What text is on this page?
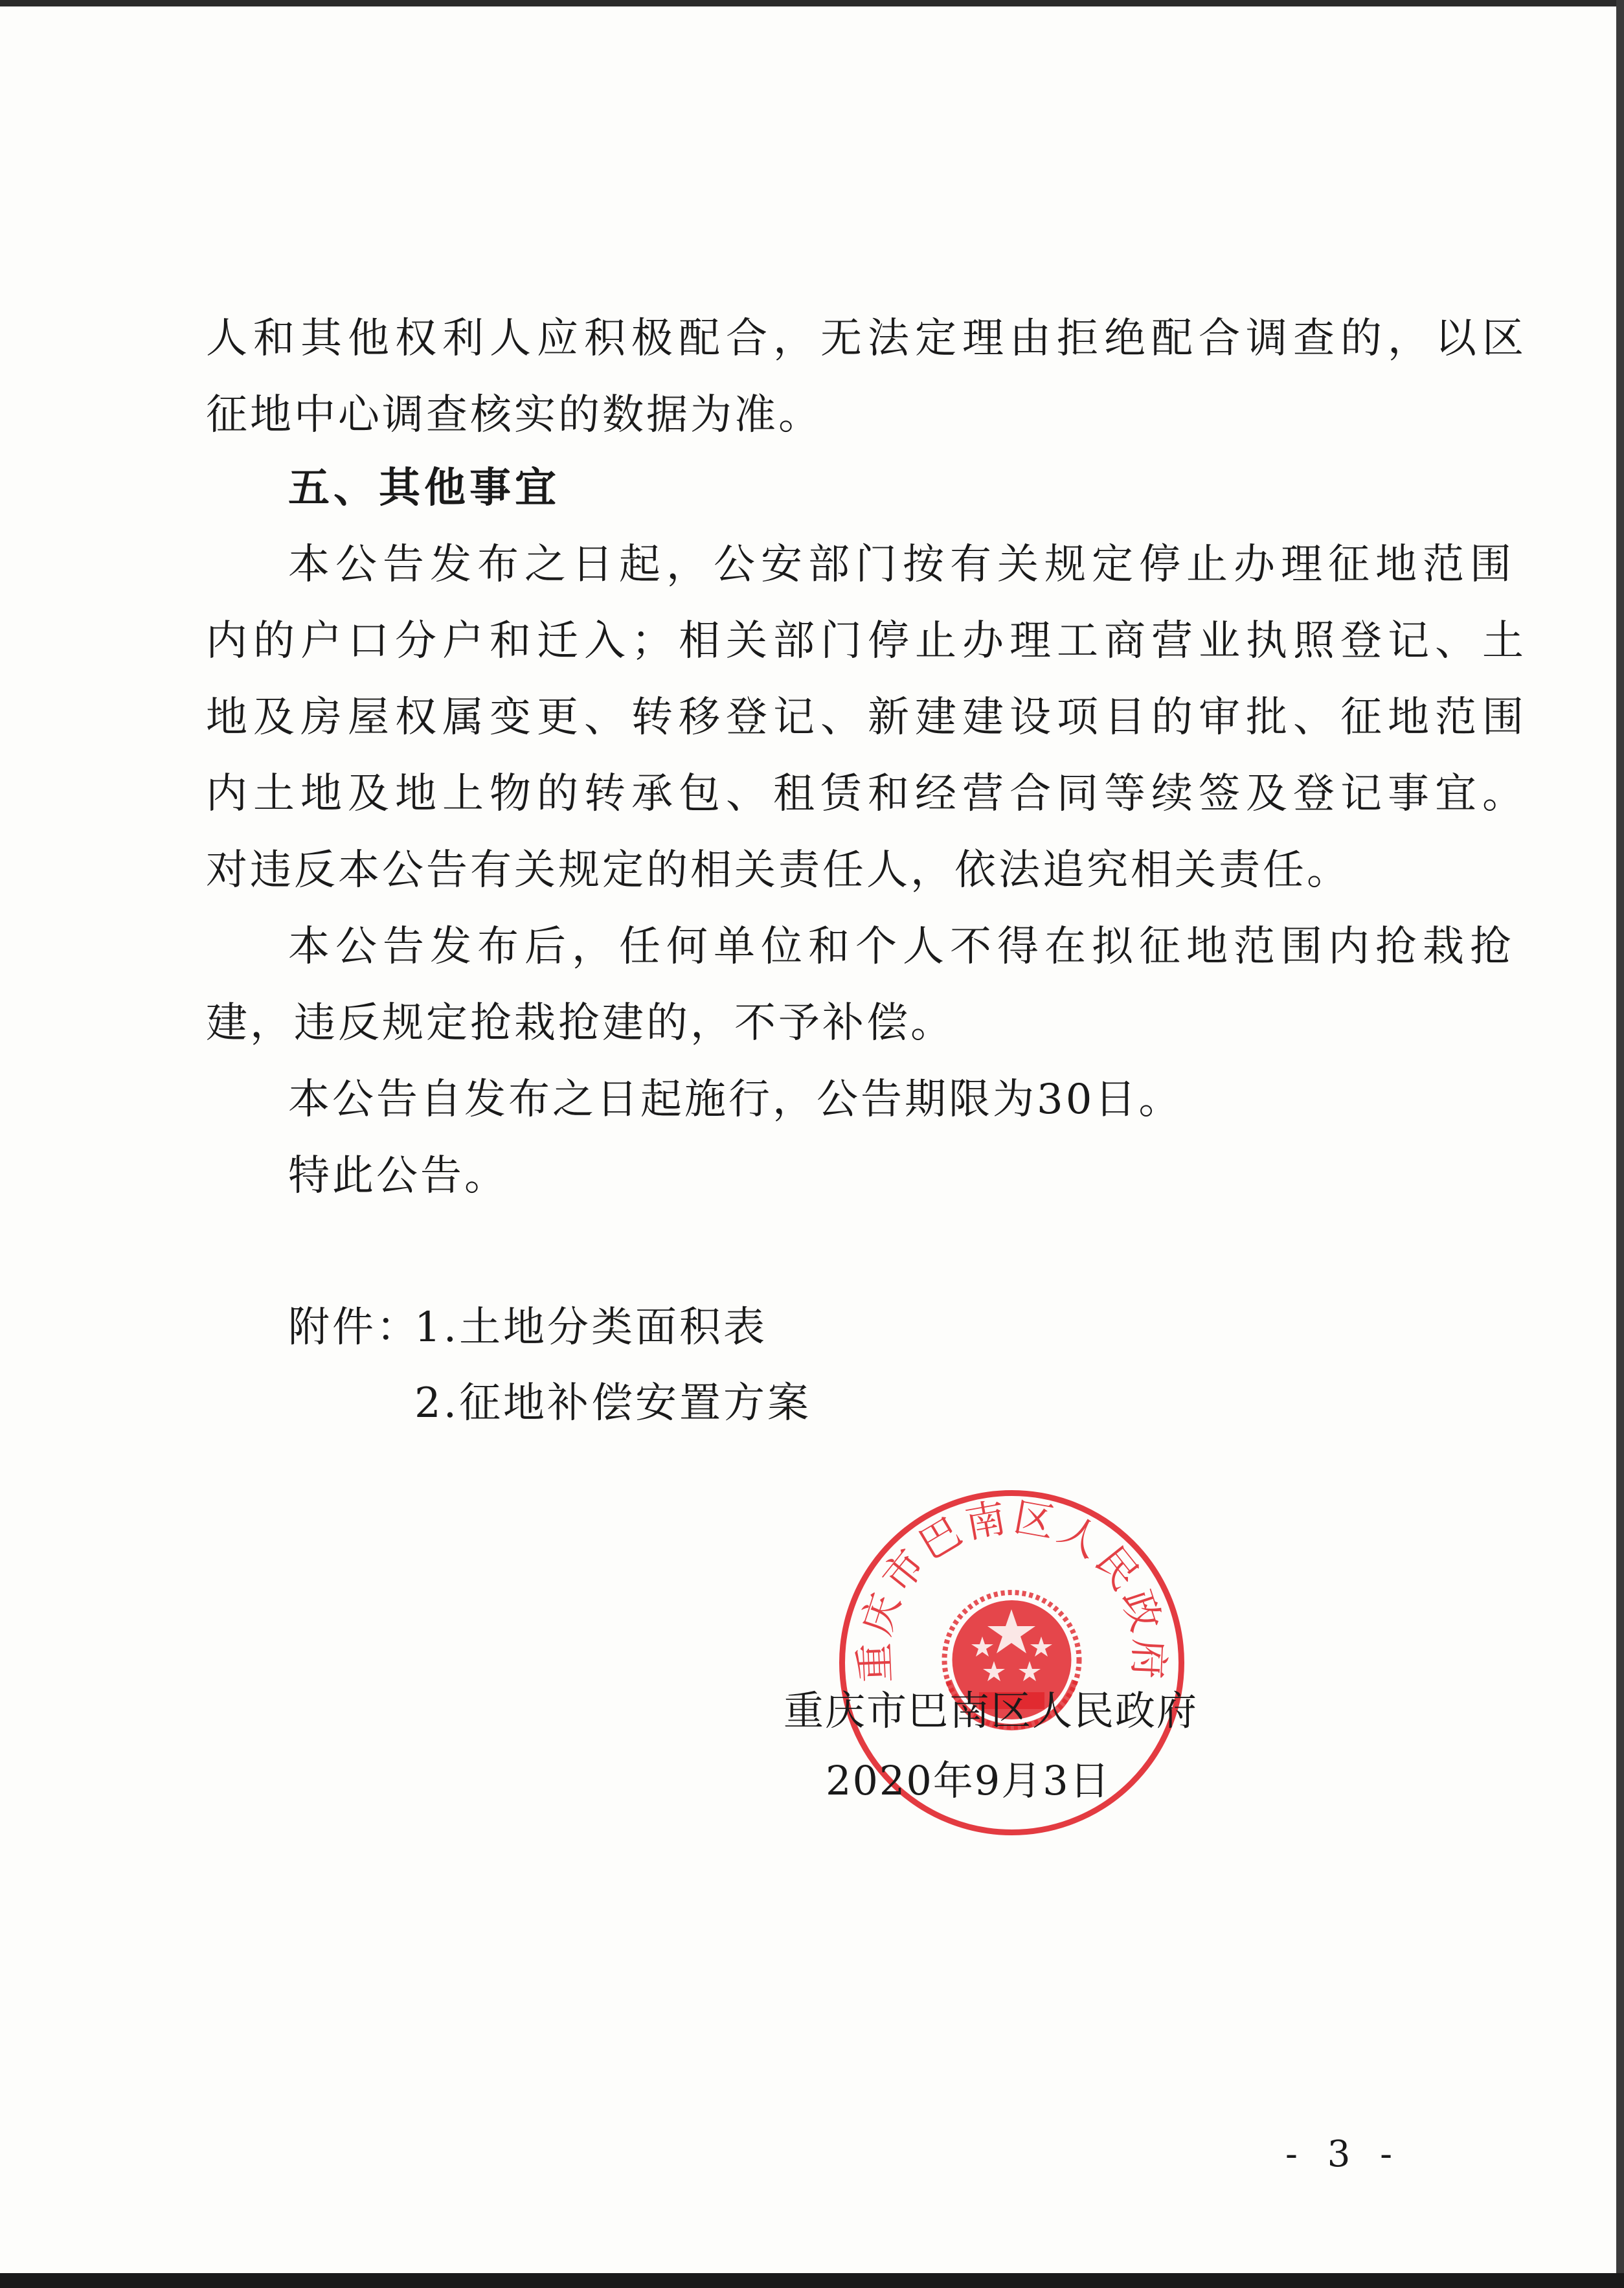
人和其他权利人应积极配合，无法定理由拒绝配合调查的，以区
征地中心调查核实的数据为准。
五、其他事宜
本公告发布之日起，公安部门按有关规定停止办理征地范围
内的户口分户和迁入；相关部门停止办理工商营业执照登记、土
地及房屋权属变更、转移登记、新建建设项目的审批、征地范围
内土地及地上物的转承包、租赁和经营合同等续签及登记事宜。
对违反本公告有关规定的相关责任人，依法追究相关责任。
本公告发布后，任何单位和个人不得在拟征地范围内抢栽抢
建，违反规定抢栽抢建的，不予补偿。
本公告自发布之日起施行，公告期限为30日。
特此公告。
附件：
1.土地分类面积表
2.征地补偿安置方案
重庆市巴南区人民政府
重庆市巴南区人民政府
2020年9月3日
- 3 -
